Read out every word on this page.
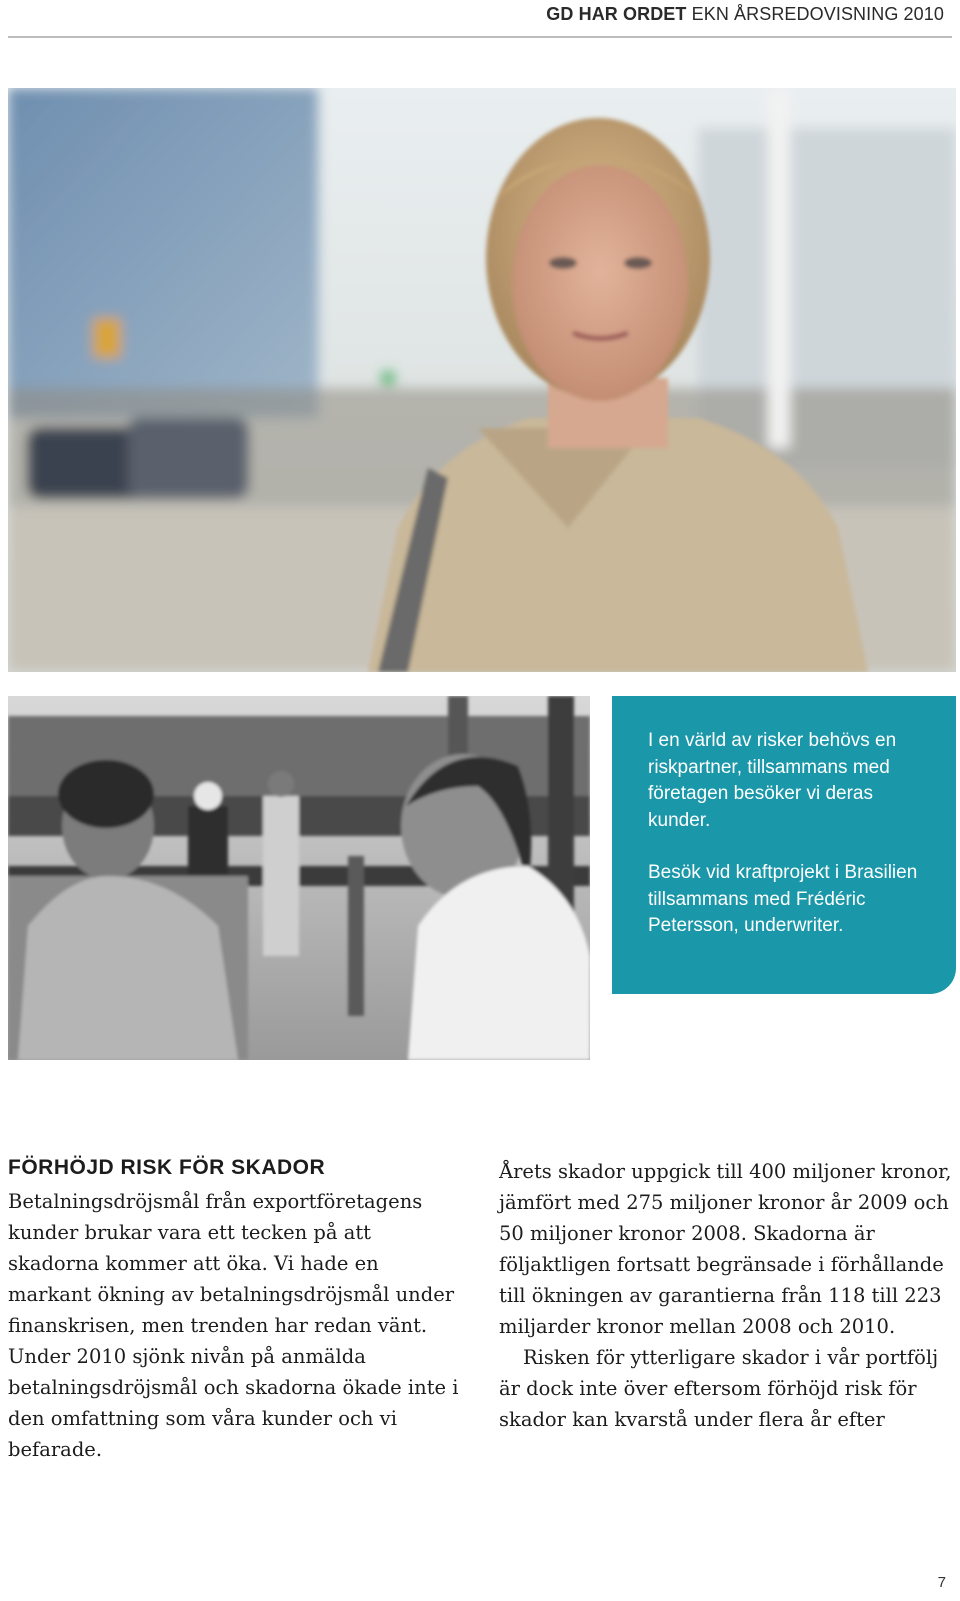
GD HAR ORDET EKN ÅRSREDOVISNING 2010

I en värld av risker behövs en riskpartner, tillsammans med företagen besöker vi deras kunder.

Besök vid kraftprojekt i Brasilien tillsammans med Frédéric Petersson, underwriter.

FÖRHÖJD RISK FÖR SKADOR

Betalningsdröjsmål från exportföretagens kunder brukar vara ett tecken på att skadorna kommer att öka. Vi hade en markant ökning av betalningsdröjsmål under finanskrisen, men trenden har redan vänt. Under 2010 sjönk nivån på anmälda betalningsdröjsmål och skadorna ökade inte i den omfattning som våra kunder och vi befarade.

Årets skador uppgick till 400 miljoner kronor, jämfört med 275 miljoner kronor år 2009 och 50 miljoner kronor 2008. Skadorna är följaktligen fortsatt begränsade i förhållande till ökningen av garantierna från 118 till 223 miljarder kronor mellan 2008 och 2010.

Risken för ytterligare skador i vår portfölj är dock inte över eftersom förhöjd risk för skador kan kvarstå under flera år efter

7
